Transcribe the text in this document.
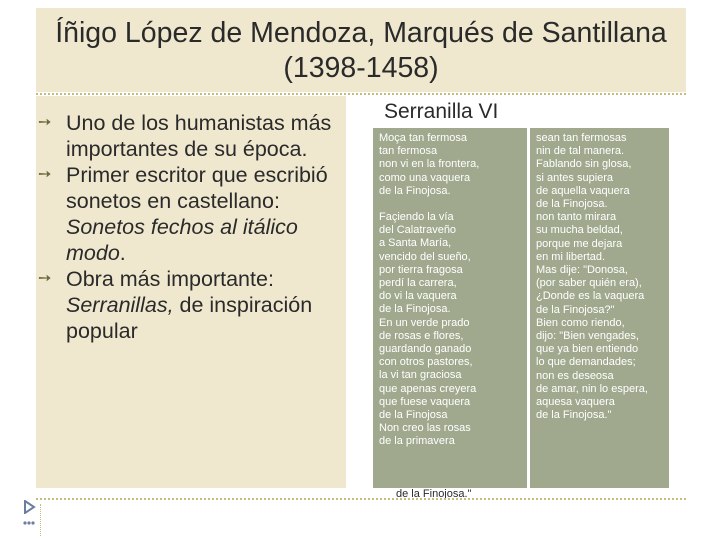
Íñigo López de Mendoza, Marqués de Santillana (1398-1458)
➙ Uno de los humanistas más importantes de su época.
➙ Primer escritor que escribió sonetos en castellano: Sonetos fechos al itálico modo.
➙ Obra más importante: Serranillas, de inspiración popular
Serranilla VI
Moça tan fermosa
tan fermosa
non vi en la frontera,
como una vaquera
de la Finojosa.
Façiendo la vía
del Calatraveño
a Santa María,
vencido del sueño,
por tierra fragosa
perdí la carrera,
do vi la vaquera
de la Finojosa.
En un verde prado
de rosas e flores,
guardando ganado
con otros pastores,
la vi tan graciosa
que apenas creyera
que fuese vaquera
de la Finojosa
Non creo las rosas
de la primavera
sean tan fermosas
nin de tal manera.
Fablando sin glosa,
si antes supiera
de aquella vaquera
de la Finojosa.
non tanto mirara
su mucha beldad,
porque me dejara
en mi libertad.
Mas dije: "Donosa,
(por saber quién era),
¿Donde es la vaquera
de la Finojosa?"
Bien como riendo,
dijo: "Bien vengades,
que ya bien entiendo
lo que demandades;
non es deseosa
de amar, nin lo espera,
aquesa vaquera
de la Finojosa."
de la Finojosa."
